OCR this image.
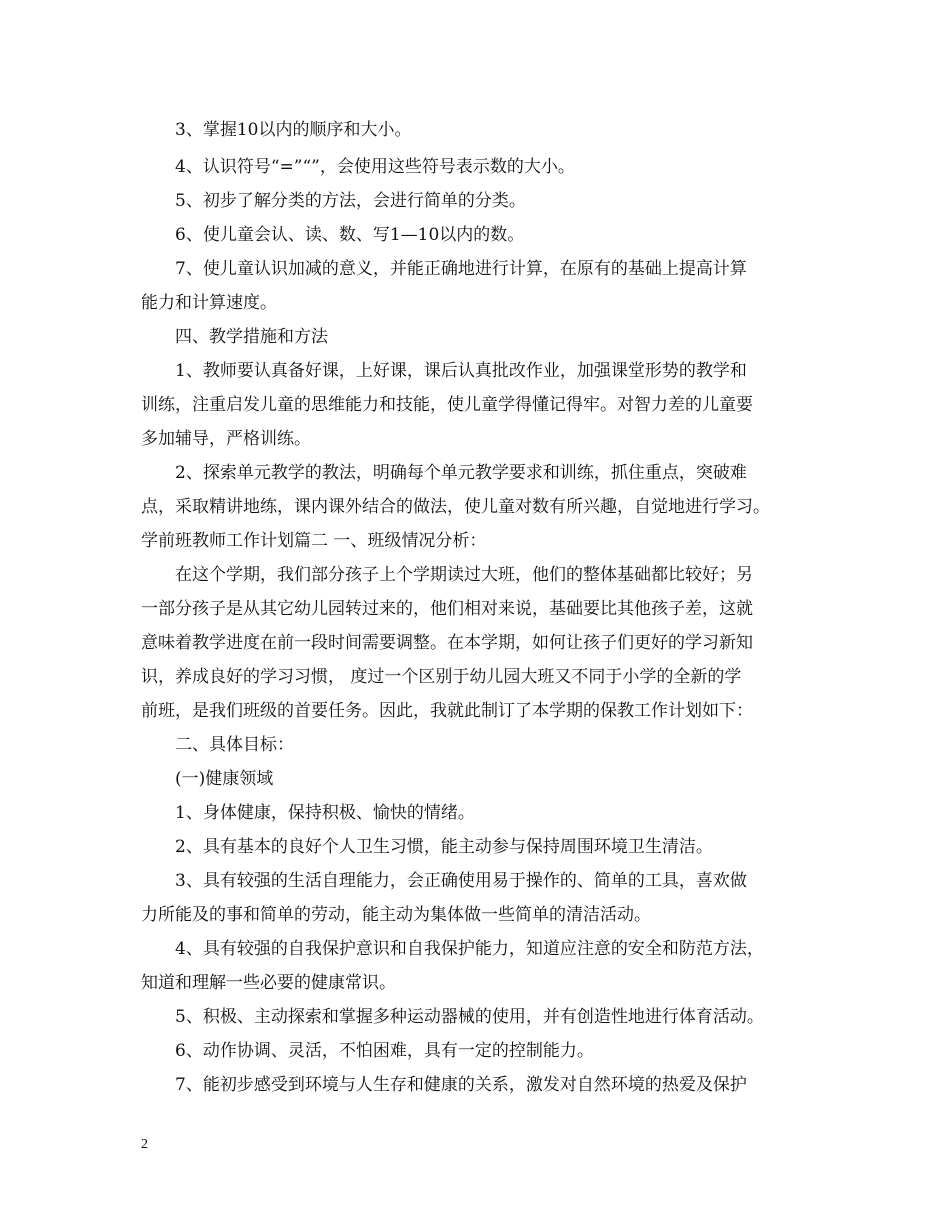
3、掌握10以内的顺序和大小。
4、认识符号“=”“”，会使用这些符号表示数的大小。
5、初步了解分类的方法，会进行简单的分类。
6、使儿童会认、读、数、写1—10以内的数。
7、使儿童认识加减的意义，并能正确地进行计算，在原有的基础上提高计算
能力和计算速度。
四、教学措施和方法
1、教师要认真备好课，上好课，课后认真批改作业，加强课堂形势的教学和
训练，注重启发儿童的思维能力和技能，使儿童学得懂记得牢。对智力差的儿童要
多加辅导，严格训练。
2、探索单元教学的教法，明确每个单元教学要求和训练，抓住重点，突破难
点，采取精讲地练，课内课外结合的做法，使儿童对数有所兴趣，自觉地进行学习。
学前班教师工作计划篇二 一、班级情况分析：
在这个学期，我们部分孩子上个学期读过大班，他们的整体基础都比较好；另
一部分孩子是从其它幼儿园转过来的，他们相对来说，基础要比其他孩子差，这就
意味着教学进度在前一段时间需要调整。在本学期，如何让孩子们更好的学习新知
识，养成良好的学习习惯， 度过一个区别于幼儿园大班又不同于小学的全新的学
前班，是我们班级的首要任务。因此，我就此制订了本学期的保教工作计划如下：
二、具体目标：
(一)健康领域
1、身体健康，保持积极、愉快的情绪。
2、具有基本的良好个人卫生习惯，能主动参与保持周围环境卫生清洁。
3、具有较强的生活自理能力，会正确使用易于操作的、简单的工具，喜欢做
力所能及的事和简单的劳动，能主动为集体做一些简单的清洁活动。
4、具有较强的自我保护意识和自我保护能力，知道应注意的安全和防范方法，
知道和理解一些必要的健康常识。
5、积极、主动探索和掌握多种运动器械的使用，并有创造性地进行体育活动。
6、动作协调、灵活，不怕困难，具有一定的控制能力。
7、能初步感受到环境与人生存和健康的关系，激发对自然环境的热爱及保护
2
